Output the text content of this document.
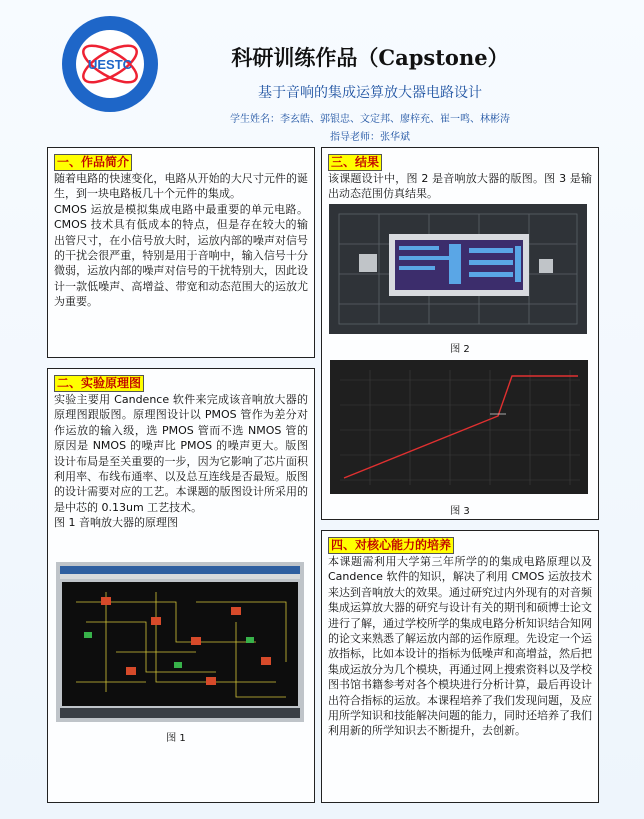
UESTC	科研训练作品（Capstone）
基于音响的集成运算放大器电路设计
学生姓名：李玄皓、郭银忠、文定邦、廖梓充、崔一鸣、林彬涛
指导老师：张华斌
一、作品简介

随着电路的快速变化，电路从开始的大尺寸元件的诞生，到一块电路板几十个元件的集成。

CMOS 运放是模拟集成电路中最重要的单元电路。CMOS 技术具有低成本的特点，但是存在较大的输出管尺寸，在小信号放大时，运放内部的噪声对信号的干扰会很严重，特别是用于音响中，输入信号十分微弱，运放内部的噪声对信号的干扰特别大，因此设计一款低噪声、高增益、带宽和动态范围大的运放尤为重要。

二、实验原理图

实验主要用 Candence 软件来完成该音响放大器的原理图跟版图。原理图设计以 PMOS 管作为差分对作运放的输入级，选 PMOS 管而不选 NMOS 管的原因是 NMOS 的噪声比 PMOS 的噪声更大。版图设计布局是至关重要的一步，因为它影响了芯片面积利用率、布线布通率、以及总互连线是否最短。版图的设计需要对应的工艺。本课题的版图设计所采用的是中芯的 0.13um 工艺技术。

图 1 音响放大器的原理图

图 1
三、结果
该课题设计中，图 2 是音响放大器的版图。图 3 是输出动态范围仿真结果。
图 2
图 3
四、对核心能力的培养
本课题需利用大学第三年所学的的集成电路原理以及 Candence 软件的知识，解决了利用 CMOS 运放技术来达到音响放大的效果。通过研究过内外现有的对音频集成运算放大器的研究与设计有关的期刊和硕博士论文进行了解，通过学校所学的集成电路分析知识结合知网的论文来熟悉了解运放内部的运作原理。先设定一个运放指标，比如本设计的指标为低噪声和高增益，然后把集成运放分为几个模块，再通过网上搜索资料以及学校图书馆书籍参考对各个模块进行分析计算，最后再设计出符合指标的运放。本课程培养了我们发现问题，及应用所学知识和技能解决问题的能力，同时还培养了我们利用新的所学知识去不断提升，去创新。
